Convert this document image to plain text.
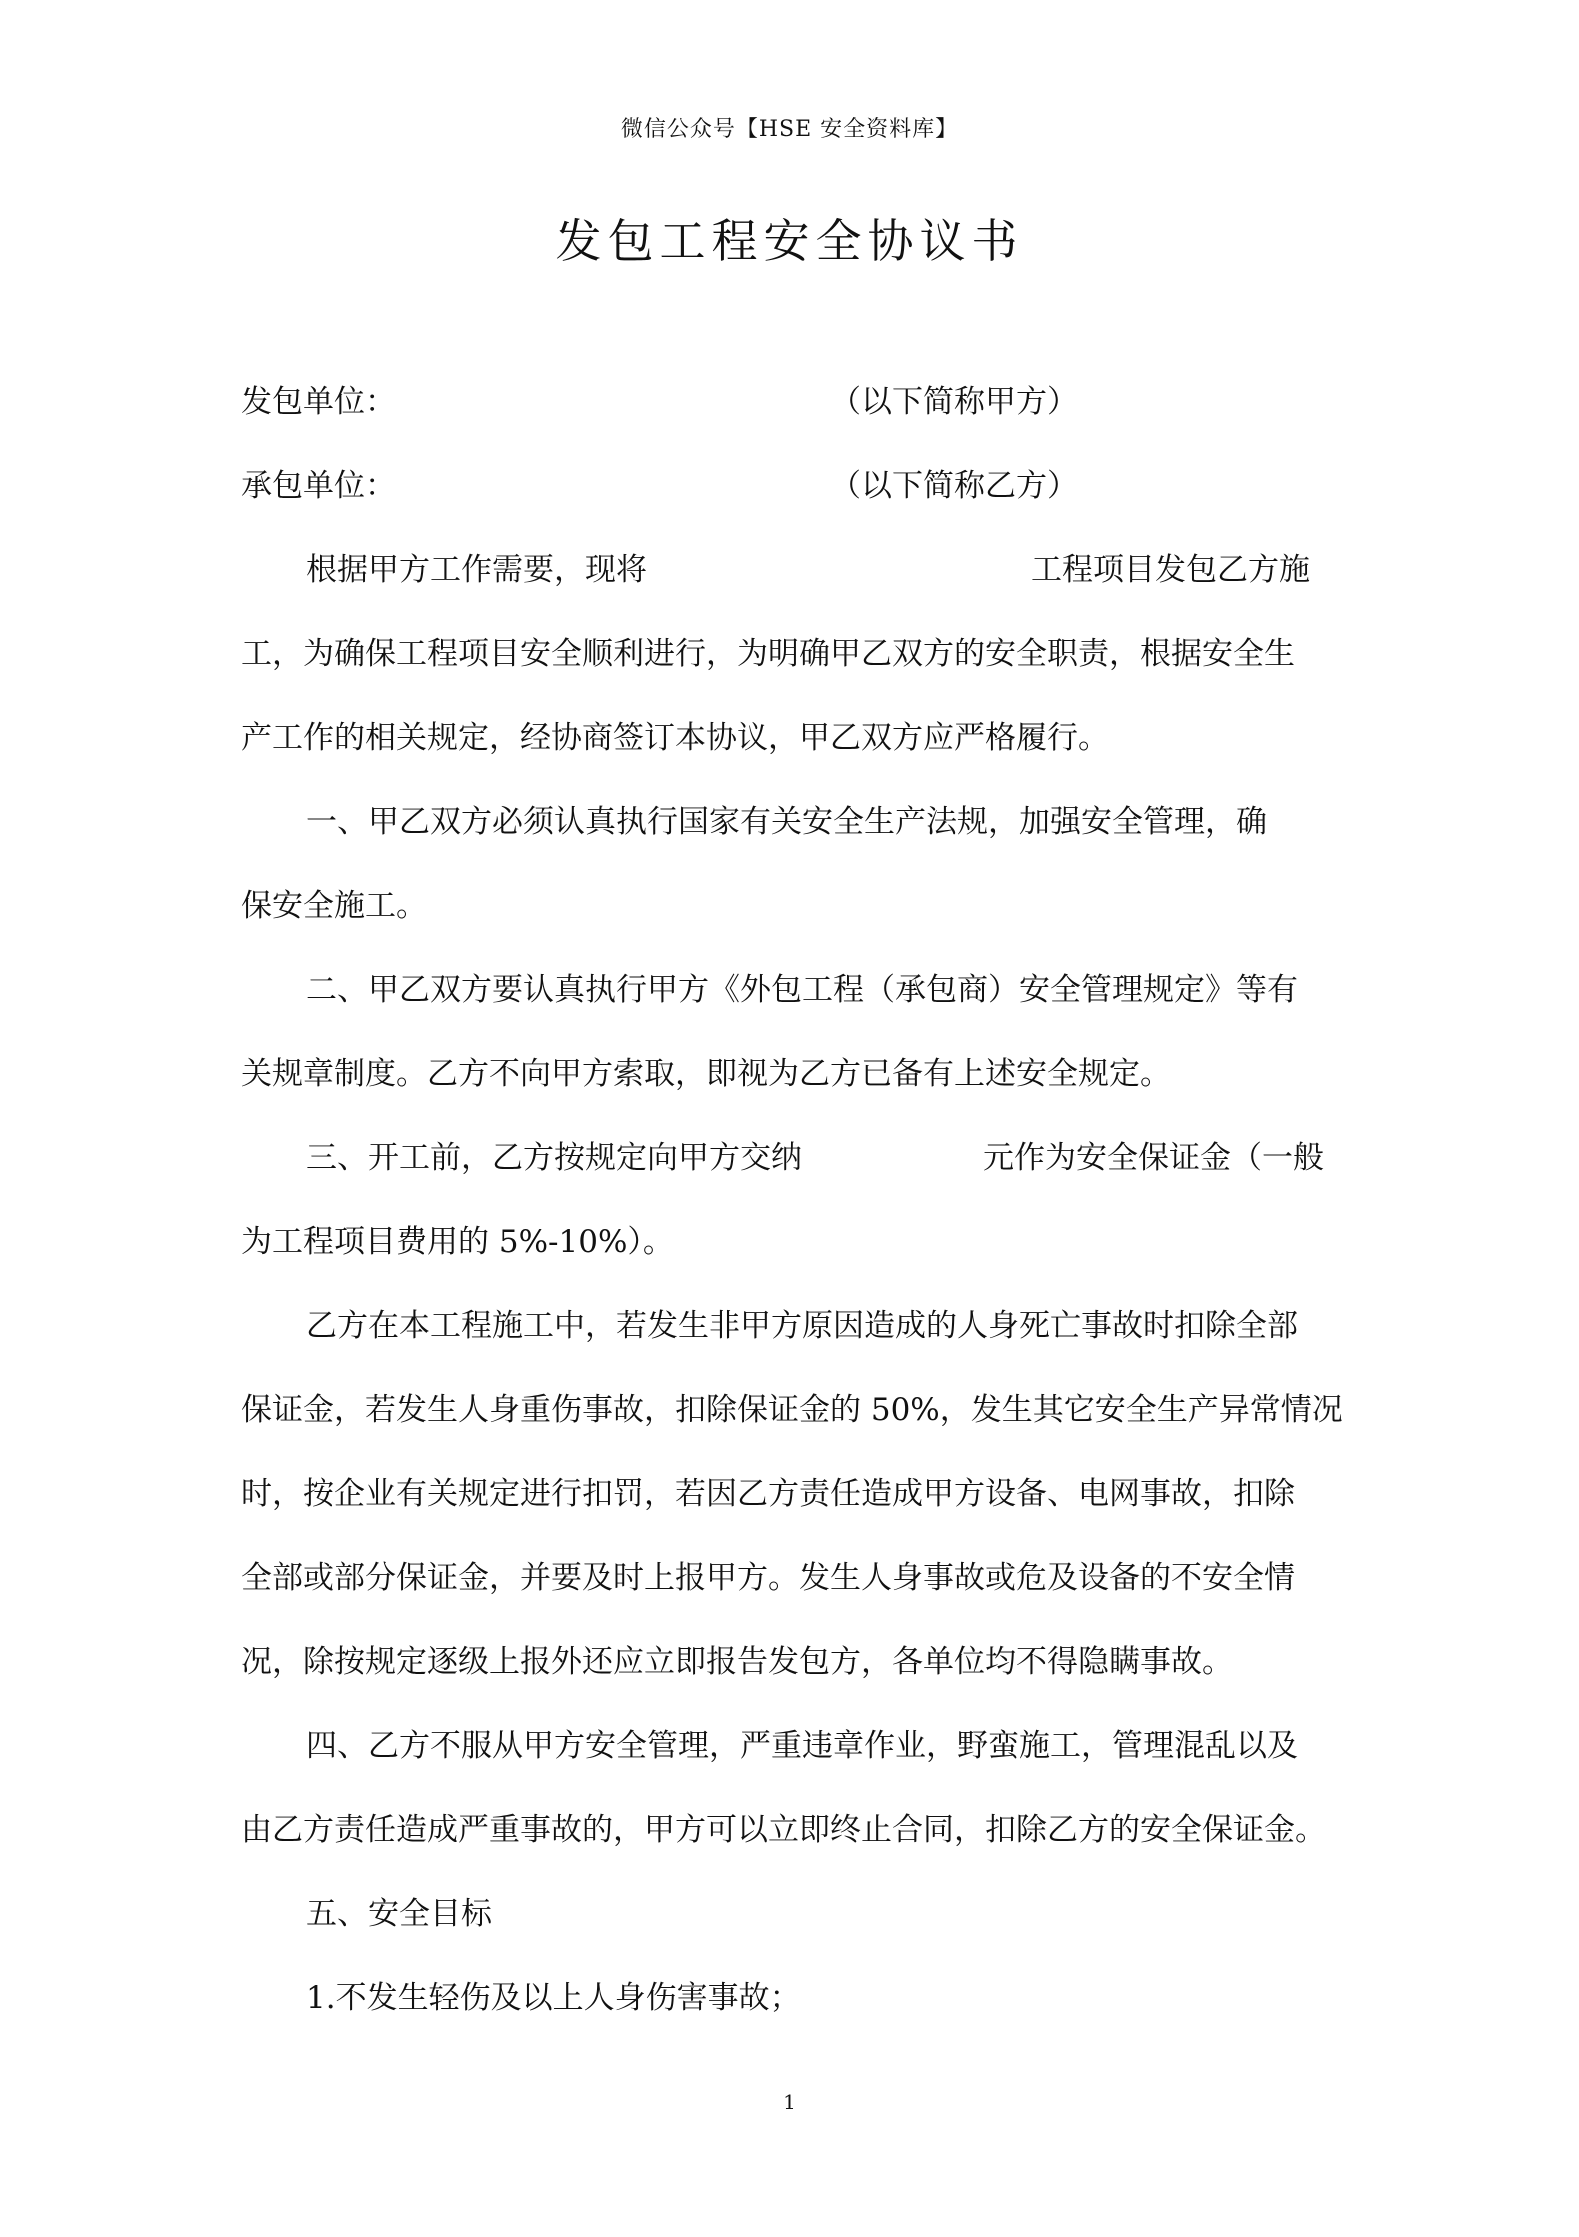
微信公众号【HSE 安全资料库】
发包工程安全协议书
发包单位：	（以下简称甲方）
承包单位：	（以下简称乙方）
根据甲方工作需要，现将	工程项目发包乙方施
工，为确保工程项目安全顺利进行，为明确甲乙双方的安全职责，根据安全生
产工作的相关规定，经协商签订本协议，甲乙双方应严格履行。
一、甲乙双方必须认真执行国家有关安全生产法规，加强安全管理，确
保安全施工。
二、甲乙双方要认真执行甲方《外包工程（承包商）安全管理规定》等有
关规章制度。乙方不向甲方索取，即视为乙方已备有上述安全规定。
三、开工前，乙方按规定向甲方交纳	元作为安全保证金（一般
为工程项目费用的 5%-10%）。
乙方在本工程施工中，若发生非甲方原因造成的人身死亡事故时扣除全部
保证金，若发生人身重伤事故，扣除保证金的 50%，发生其它安全生产异常情况
时，按企业有关规定进行扣罚，若因乙方责任造成甲方设备、电网事故，扣除
全部或部分保证金，并要及时上报甲方。发生人身事故或危及设备的不安全情
况，除按规定逐级上报外还应立即报告发包方，各单位均不得隐瞒事故。
四、乙方不服从甲方安全管理，严重违章作业，野蛮施工，管理混乱以及
由乙方责任造成严重事故的，甲方可以立即终止合同，扣除乙方的安全保证金。
五、安全目标
1.不发生轻伤及以上人身伤害事故；
1
